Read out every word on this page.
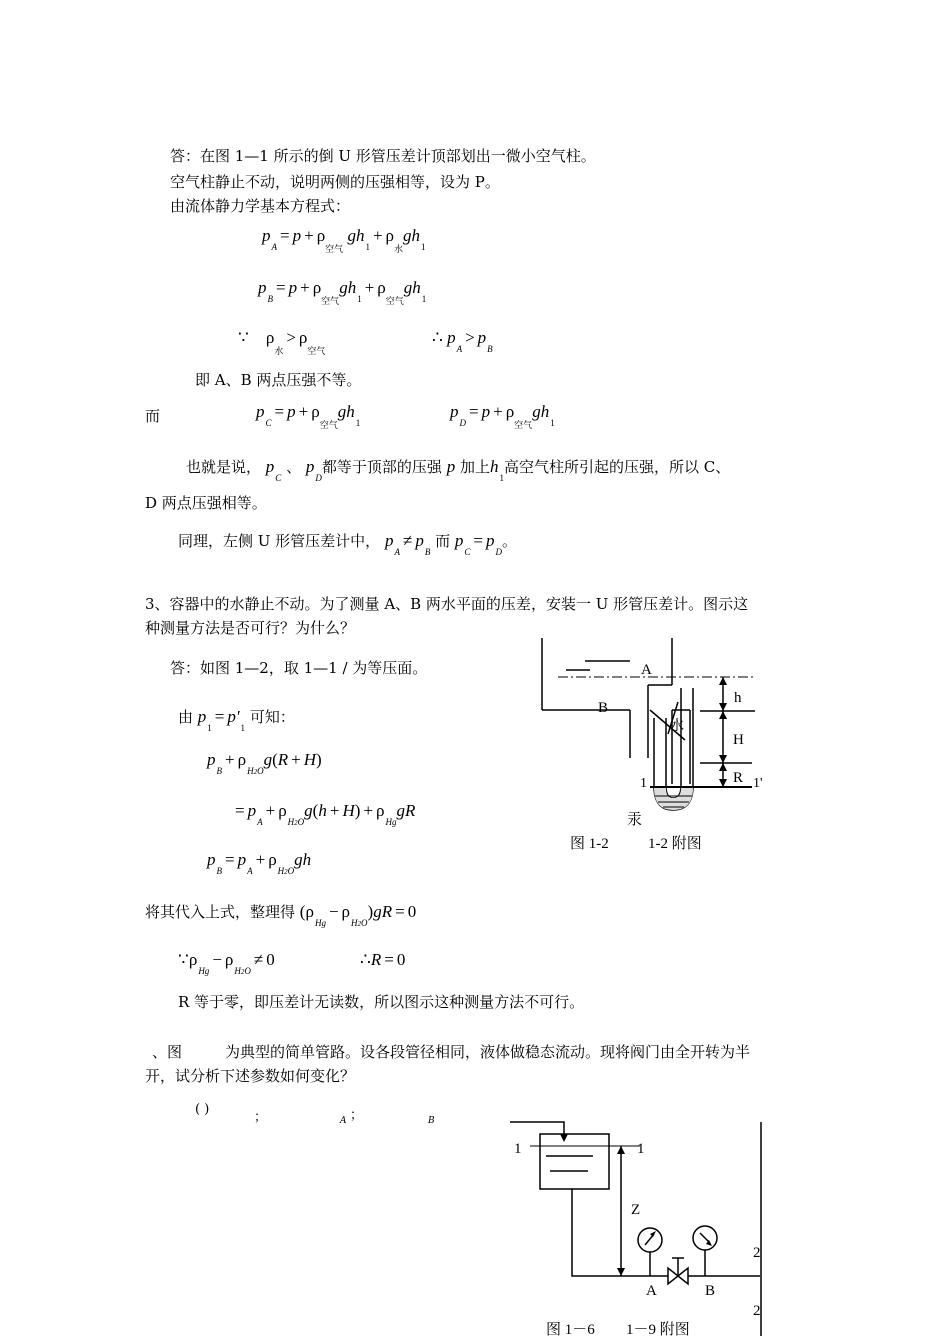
答：在图 1—1 所示的倒 U 形管压差计顶部划出一微小空气柱。
空气柱静止不动，说明两侧的压强相等，设为 P。
由流体静力学基本方程式：
$p_A= p + \rho_{空气}$ $gh_1+ \rho_水gh_1$
$p_B= p + \rho_{空气}gh_1+ \rho_{空气}gh_1$
∵ $\rho_水> \rho_{空气}$
∴ $p_A> p_B$
即 A、B 两点压强不等。
而	$p_C= p + \rho_{空气}gh_1$
$p_D= p + \rho_{空气}gh_1$
也就是说， $p_C$ 、 $p_D$都等于顶部的压强 p 加上$h_1$高空气柱所引起的压强，所以 C、
D 两点压强相等。
同理，左侧 U 形管压差计中， $p_A\ne p_B$ 而 $p_C= p_D$。
3、容器中的水静止不动。为了测量 A、B 两水平面的压差，安装一 U 形管压差计。图示这
种测量方法是否可行？为什么？
答：如图 1—2，取 1—1 / 为等压面。
由 $p_1= p'_1$ 可知：
$p_B+ \rho_{H2O}g(R + H)$
= $p_A+ \rho_{H2O}g(h + H) + \rho_{Hg}gR$
$p_B= p_A+ \rho_{H2O}gh$
将其代入上式，整理得 $(\rho_{Hg}- \rho_{H2O})gR = 0$
$\because\rho_{Hg}- \rho_{H2O}\ne 0$	∴R = 0
R 等于零，即压差计无读数，所以图示这种测量方法不可行。
A
B
h
H
R
1	1'
水
汞
图 1-2	1-2 附图
、图	为典型的简单管路。设各段管径相同，液体做稳态流动。现将阀门由全开转为半
开，试分析下述参数如何变化？
( )
；	A ；	B
1	1
Z
A	B
2
2
图 1－6 1－9 附图
